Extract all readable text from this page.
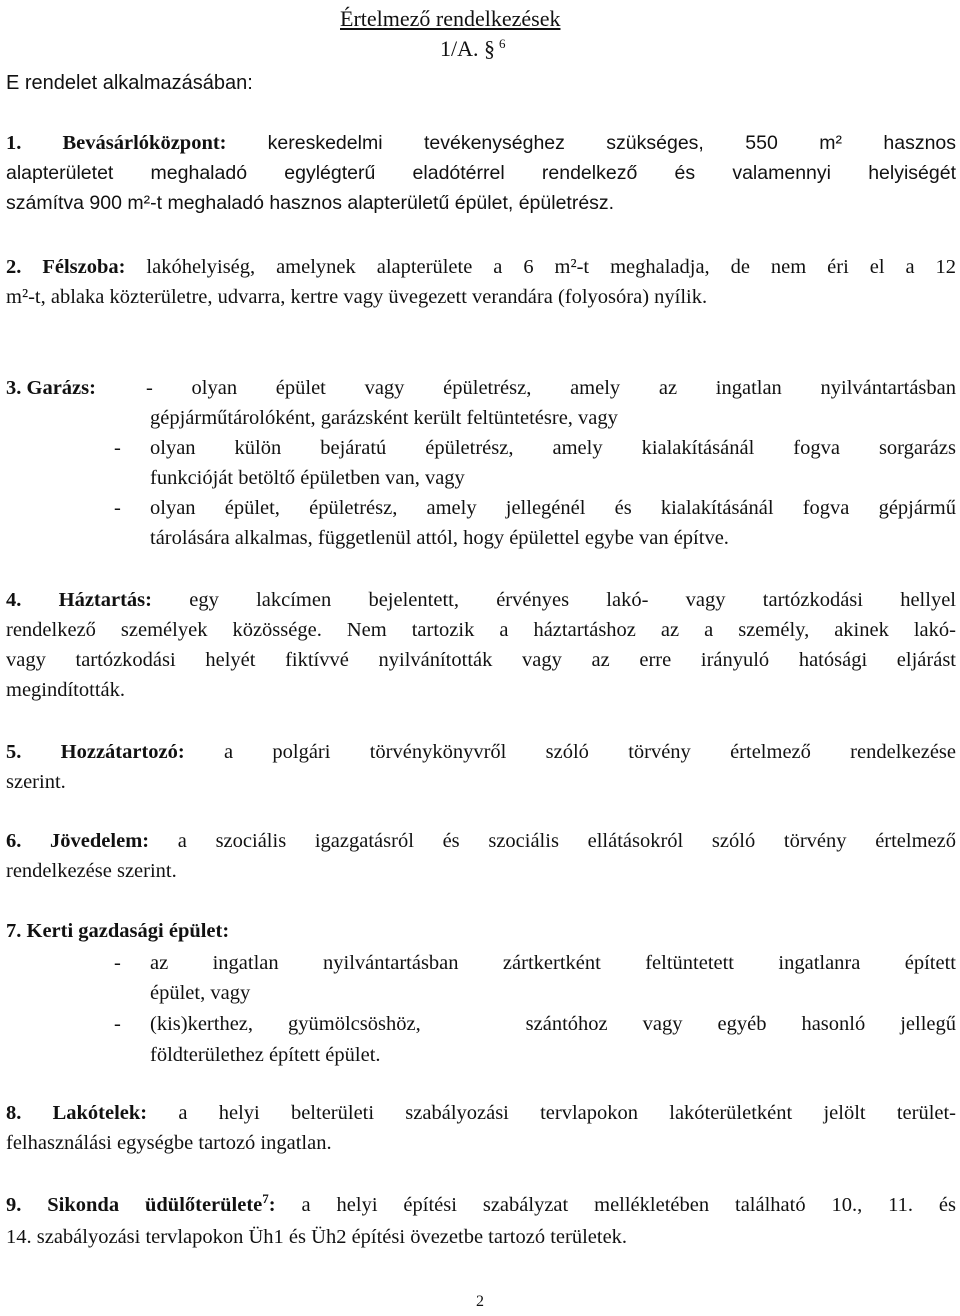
Értelmező rendelkezések
1/A. § $^6$
E rendelet alkalmazásában:
1. Bevásárlóközpont: kereskedelmi tevékenységhez szükséges, 550 m² hasznos
alapterületet meghaladó egylégterű eladótérrel rendelkező és valamennyi helyiségét
számítva 900 m²-t meghaladó hasznos alapterületű épület, épületrész.
2. Félszoba: lakóhelyiség, amelynek alapterülete a 6 m²-t meghaladja, de nem éri el a 12
m²-t, ablaka közterületre, udvarra, kertre vagy üvegezett verandára (folyosóra) nyílik.
3. Garázs: - olyan épület vagy épületrész, amely az ingatlan nyilvántartásban
gépjárműtárolóként, garázsként került feltüntetésre, vagy
- olyan külön bejáratú épületrész, amely kialakításánál fogva sorgarázs
funkcióját betöltő épületben van, vagy
- olyan épület, épületrész, amely jellegénél és kialakításánál fogva gépjármű
tárolására alkalmas, függetlenül attól, hogy épülettel egybe van építve.
4. Háztartás: egy lakcímen bejelentett, érvényes lakó- vagy tartózkodási hellyel
rendelkező személyek közössége. Nem tartozik a háztartáshoz az a személy, akinek lakó-
vagy tartózkodási helyét fiktívvé nyilvánították vagy az erre irányuló hatósági eljárást
megindították.
5. Hozzátartozó: a polgári törvénykönyvről szóló törvény értelmező rendelkezése
szerint.
6. Jövedelem: a szociális igazgatásról és szociális ellátásokról szóló törvény értelmező
rendelkezése szerint.
7. Kerti gazdasági épület:
- az ingatlan nyilvántartásban zártkertként feltüntetett ingatlanra épített
épület, vagy
- (kis)kerthez, gyümölcsöshöz,   szántóhoz vagy egyéb hasonló jellegű
földterülethez épített épület.
8. Lakótelek: a helyi belterületi szabályozási tervlapokon lakóterületként jelölt terület-
felhasználási egységbe tartozó ingatlan.
9. Sikonda üdülőterülete$^7$: a helyi építési szabályzat mellékletében található 10., 11. és
14. szabályozási tervlapokon Üh1 és Üh2 építési övezetbe tartozó területek.
2
